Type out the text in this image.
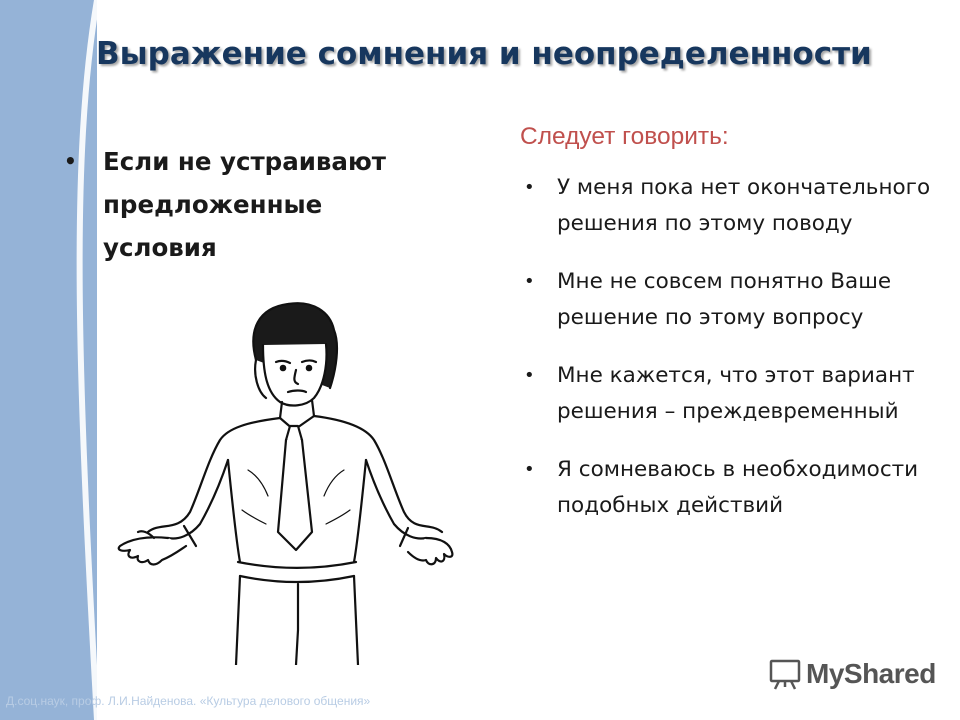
Выражение сомнения и неопределенности
• Если не устраивают предложенные условия
Следует говорить:
• У меня пока нет окончательного решения по этому поводу
• Мне не совсем понятно Ваше решение по этому вопросу
• Мне кажется, что этот вариант решения – преждевременный
• Я сомневаюсь в необходимости подобных действий
Д.соц.наук, проф. Л.И.Найденова. «Культура делового общения»
MyShared
